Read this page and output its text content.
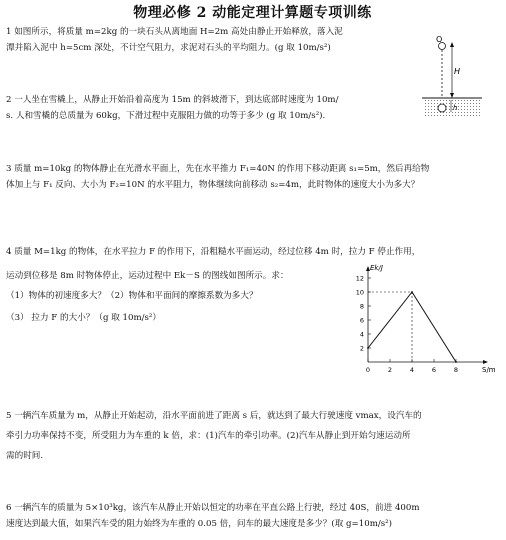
物理必修 2 动能定理计算题专项训练

1 如图所示，将质量 m=2kg 的一块石头从离地面 H=2m 高处由静止开始释放，落入泥

潭并陷入泥中 h=5cm 深处，不计空气阻力，求泥对石头的平均阻力。(g 取 10m/s²)

O
H
h

2 一人坐在雪橇上，从静止开始沿着高度为 15m 的斜坡滑下，到达底部时速度为 10m/

s. 人和雪橇的总质量为 60kg，下滑过程中克服阻力做的功等于多少 (g 取 10m/s²).

3 质量 m=10kg 的物体静止在光滑水平面上，先在水平推力 F₁=40N 的作用下移动距离 s₁=5m，然后再给物

体加上与 F₁ 反向、大小为 F₂=10N 的水平阻力，物体继续向前移动 s₂=4m，此时物体的速度大小为多大？

4 质量 M=1kg 的物体，在水平拉力 F 的作用下，沿粗糙水平面运动，经过位移 4m 时，拉力 F 停止作用，

运动到位移是 8m 时物体停止，运动过程中 Ek－S 的图线如图所示。求：

（1）物体的初速度多大？（2）物体和平面间的摩擦系数为多大？

（3） 拉力 F 的大小？（g 取 10m/s²）

Ek/J
S/m
2
4
6
8
10
12
0	2	4	6	8

5 一辆汽车质量为 m，从静止开始起动，沿水平面前进了距离 s 后，就达到了最大行驶速度 vmax，设汽车的

牵引力功率保持不变，所受阻力为车重的 k 倍，求：(1)汽车的牵引功率。(2)汽车从静止到开始匀速运动所

需的时间.

6 一辆汽车的质量为 5×10³kg，该汽车从静止开始以恒定的功率在平直公路上行驶，经过 40S，前进 400m

速度达到最大值，如果汽车受的阻力始终为车重的 0.05 倍，问车的最大速度是多少？(取 g=10m/s²)
